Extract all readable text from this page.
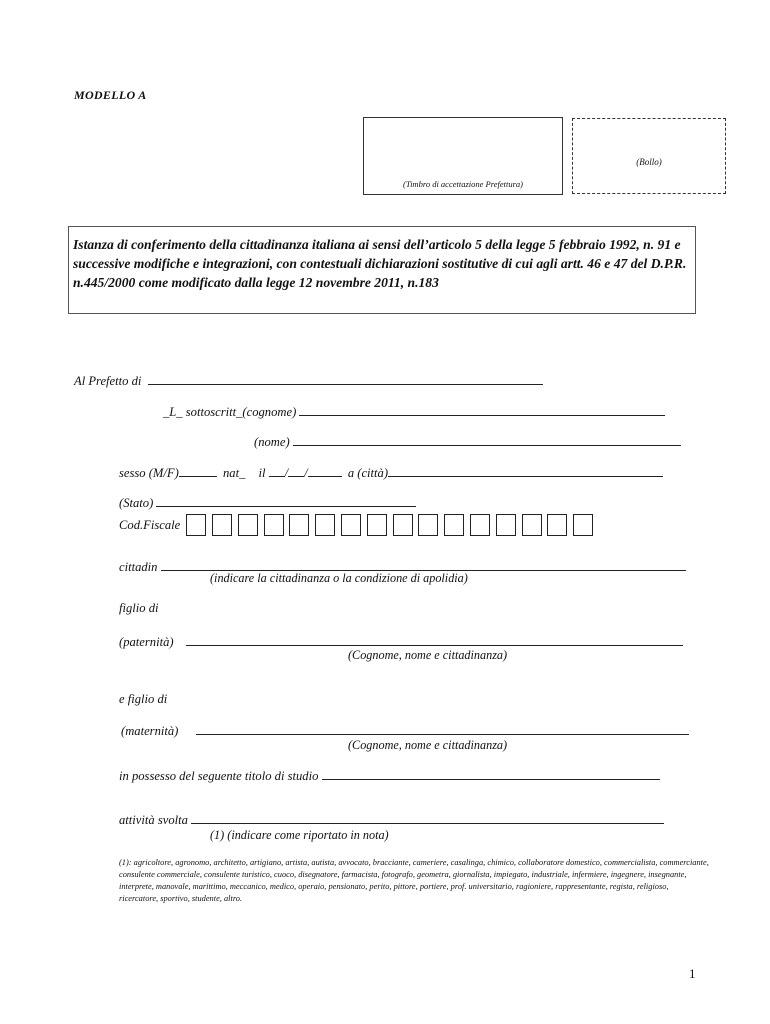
MODELLO A
(Timbro di accettazione Prefettura)
(Bollo)
Istanza di conferimento della cittadinanza italiana ai sensi dell’articolo 5 della legge 5 febbraio 1992, n. 91 e successive modifiche e integrazioni, con contestuali dichiarazioni sostitutive di cui agli artt. 46 e 47 del D.P.R. n.445/2000 come modificato dalla legge 12 novembre 2011, n.183
Al Prefetto di
_L_ sottoscritt_(cognome)
(nome)
sesso (M/F)	nat_ il / /	a (città)
(Stato)
Cod.Fiscale
cittadin
(indicare la cittadinanza o la condizione di apolidia)
figlio di
(paternità)
(Cognome, nome e cittadinanza)
e figlio di
(maternità)
(Cognome, nome e cittadinanza)
in possesso del seguente titolo di studio
attività svolta
(1) (indicare come riportato in nota)
(1): agricoltore, agronomo, architetto, artigiano, artista, autista, avvocato, bracciante, cameriere, casalinga, chimico, collaboratore domestico, commercialista, commerciante, consulente commerciale, consulente turistico, cuoco, disegnatore, farmacista, fotografo, geometra, giornalista, impiegato, industriale, infermiere, ingegnere, insegnante, interprete, manovale, marittimo, meccanico, medico, operaio, pensionato, perito, pittore, portiere, prof. universitario, ragioniere, rappresentante, regista, religioso, ricercatore, sportivo, studente, altro.
1
